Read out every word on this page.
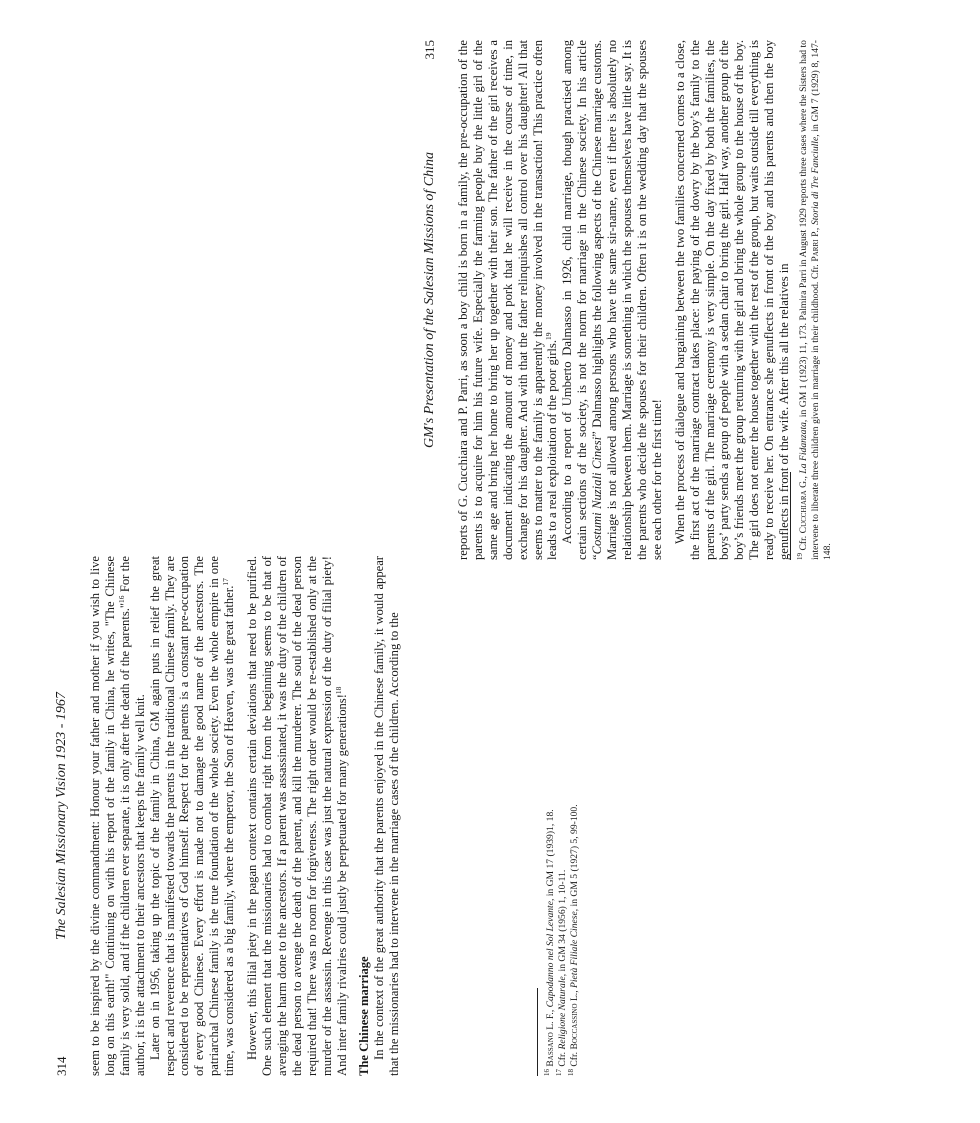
314
The Salesian Missionary Vision 1923 - 1967 seem to be inspired by the divine commandment: Honour your father and mother if you wish to live long on this earth!" Continuing on with his report of the family in China, he writes, "The Chinese family is very solid, and if the children ever separate, it is only after the death of the parents."$^{16}$ For the author, it is the attachment to their ancestors that keeps the family well knit. Later on in 1956, taking up the topic of the family in China, GM again puts in relief the great respect and reverence that is manifested towards the parents in the traditional Chinese family. They are considered to be representatives of God himself. Respect for the parents is a constant pre-occupation of every good Chinese. Every effort is made not to damage the good name of the ancestors. The patriarchal Chinese family is the true foundation of the whole society. Even the whole empire in one time, was considered as a big family, where the emperor, the Son of Heaven, was the great father.$^{17}$	However, this filial piety in the pagan context contains certain deviations that need to be purified. One such element that the missionaries had to combat right from the beginning seems to be that of avenging the harm done to the ancestors. If a parent was assassinated, it was the duty of the children of the dead person to avenge the death of the parent, and kill the murderer. The soul of the dead person required that! There was no room for forgiveness. The right order would be re-established only at the murder of the assassin. Revenge in this case was just the natural expression of the duty of filial piety! And inter family rivalries could justly be perpetuated for many generations!$^{18}$

The Chinese marriage In the context of the great authority that the parents enjoyed in the Chinese family, it would appear that the missionaries had to intervene in the marriage cases of the children. According to the	$^{16}$ Bassano L. F., Capodanno nel Sol Levante, in GM 17 (1939)1, 18.

$^{17}$ Cfr. Religione Naturale, in GM 34 (1956) 1, 10-11.

$^{18}$ Cfr. Boccassino L., Pietà Filiale Cinese, in GM 5 (1927) 5, 99-100.

GM's Presentation of the Salesian Missions of China
315 reports of G. Cucchiara and P. Parri, as soon a boy child is born in a family, the pre-occupation of the parents is to acquire for him his future wife. Especially the farming people buy the little girl of the same age and bring her home to bring her up together with their son. The father of the girl receives a document indicating the amount of money and pork that he will receive in the course of time, in exchange for his daughter. And with that the father relinquishes all control over his daughter! All that seems to matter to the family is apparently the money involved in the transaction! This practice often leads to a real exploitation of the poor girls.$^{19}$ According to a report of Umberto Dalmasso in 1926, child marriage, though practised among certain sections of the society, is not the norm for marriage in the Chinese society. In his article “Costumi Nuziali Cinesi” Dalmasso highlights the following aspects of the Chinese marriage customs. Marriage is not allowed among persons who have the same sir-name, even if there is absolutely no relationship between them. Marriage is something in which the spouses themselves have little say. It is the parents who decide the spouses for their children. Often it is on the wedding day that the spouses see each other for the first time! When the process of dialogue and bargaining between the two families concerned comes to a close, the first act of the marriage contract takes place: the paying of the dowry by the boy’s family to the parents of the girl. The marriage ceremony is very simple. On the day fixed by both the families, the boys’ party sends a group of people with a sedan chair to bring the girl. Half way, another group of the boy’s friends meet the group returning with the girl and bring the whole group to the house of the boy. The girl does not enter the house together with the rest of the group, but waits outside till everything is ready to receive her. On entrance she genuflects in front of the boy and his parents and then the boy genuflects in front of the wife. After this all the relatives in $^{19}$ Cfr. Cucchiara G., La Fidanzata, in GM 1 (1923) 11, 173. Palmira Parri in August 1929 reports three cases where the Sisters had to intervene to liberate three children given in marriage in their childhood. Cfr. Parri P., Storia di Tre Fanciulle, in GM 7 (1929) 8, 147-148.
